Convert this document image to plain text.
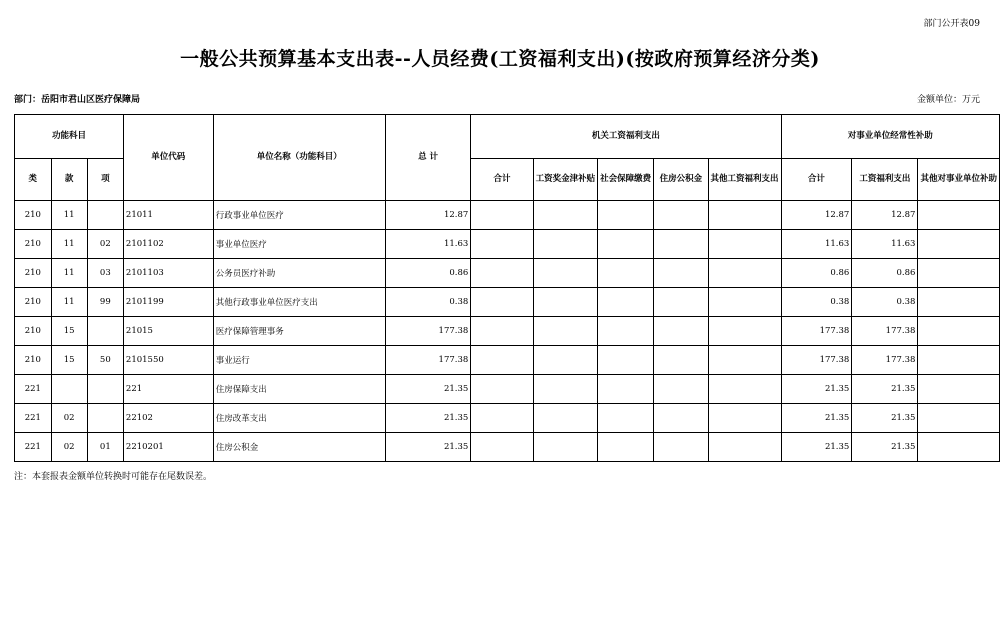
部门公开表09
一般公共预算基本支出表--人员经费(工资福利支出)(按政府预算经济分类)
部门：岳阳市君山区医疗保障局	金额单位：万元
功能科目			单位代码	单位名称（功能科目）	总 计	机关工资福利支出					对事业单位经常性补助		
类	款	项				合计	工资奖金津补贴	社会保障缴费	住房公积金	其他工资福利支出	合计	工资福利支出	其他对事业单位补助
210	11		21011	行政事业单位医疗	12.87						12.87	12.87	
210	11	02	2101102	事业单位医疗	11.63						11.63	11.63	
210	11	03	2101103	公务员医疗补助	0.86						0.86	0.86	
210	11	99	2101199	其他行政事业单位医疗支出	0.38						0.38	0.38	
210	15		21015	医疗保障管理事务	177.38						177.38	177.38	
210	15	50	2101550	事业运行	177.38						177.38	177.38	
221			221	住房保障支出	21.35						21.35	21.35	
221	02		22102	住房改革支出	21.35						21.35	21.35	
221	02	01	2210201	住房公积金	21.35						21.35	21.35	
注：本套报表金额单位转换时可能存在尾数误差。
